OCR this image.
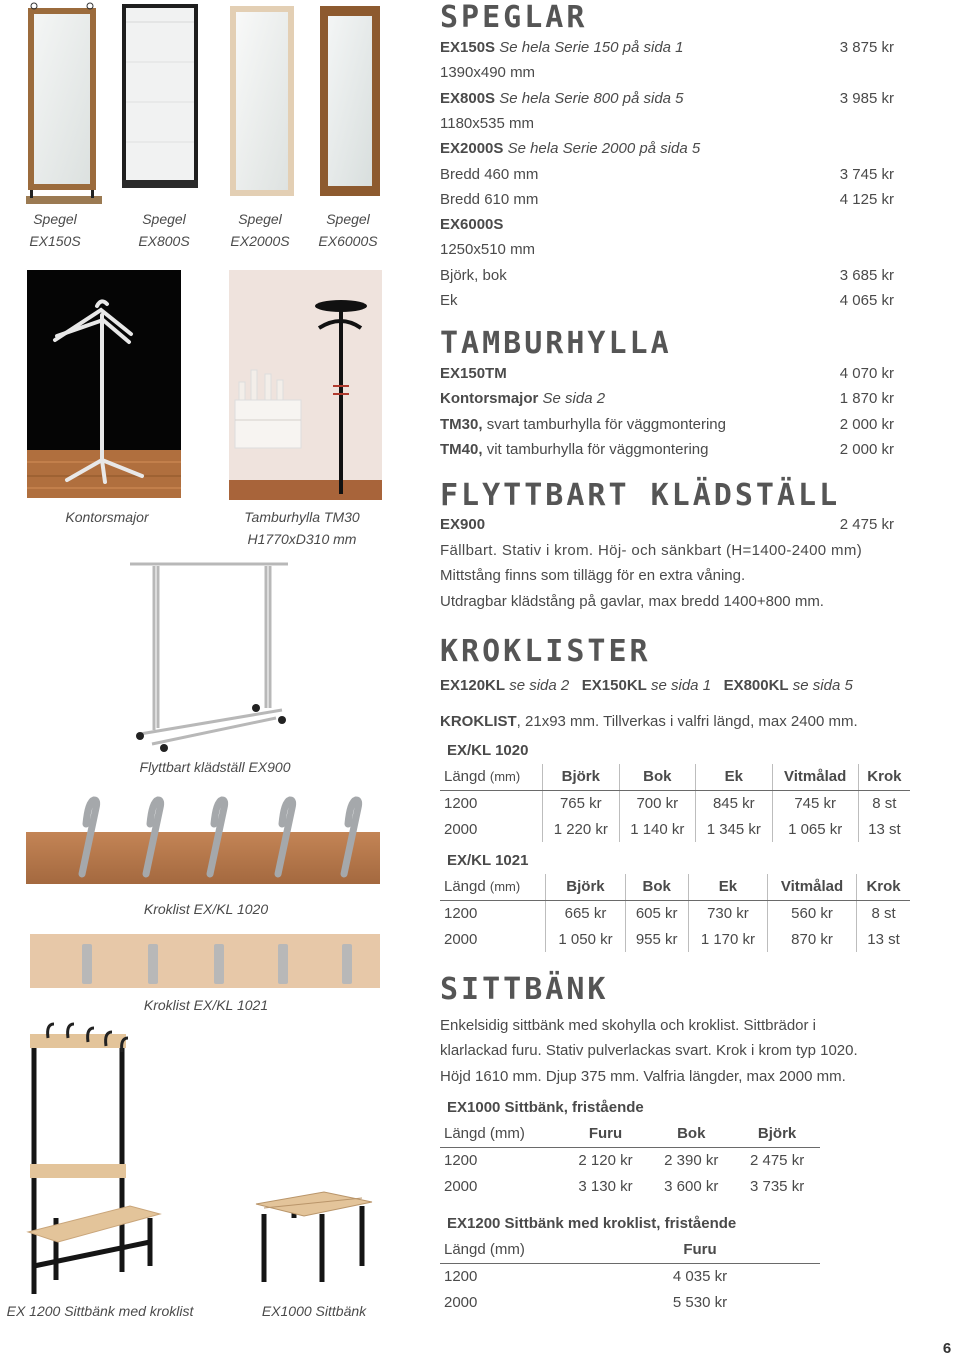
Spegel
EX150S
Spegel
EX800S
Spegel
EX2000S
Spegel
EX6000S
Kontorsmajor	Tamburhylla TM30
H1770xD310 mm
Flyttbart klädställ EX900
Kroklist EX/KL 1020
Kroklist EX/KL 1021
EX 1200 Sittbänk med kroklist	EX1000 Sittbänk
SPEGLAR
EX150S Se hela Serie 150 på sida 1	3 875 kr
1390x490 mm
EX800S Se hela Serie 800 på sida 5	3 985 kr
1180x535 mm
EX2000S Se hela Serie 2000 på sida 5
Bredd 460 mm	3 745 kr
Bredd 610 mm	4 125 kr
EX6000S
1250x510 mm
Björk, bok	3 685 kr
Ek	4 065 kr
TAMBURHYLLA
EX150TM	4 070 kr
Kontorsmajor Se sida 2	1 870 kr
TM30, svart tamburhylla för väggmontering	2 000 kr
TM40, vit tamburhylla för väggmontering	2 000 kr
FLYTTBART KLÄDSTÄLL
EX900	2 475 kr
Fällbart. Stativ i krom. Höj- och sänkbart (H=1400-2400 mm)
Mittstång finns som tillägg för en extra våning.
Utdragbar klädstång på gavlar, max bredd 1400+800 mm.
KROKLISTER
EX120KL se sida 2 EX150KL se sida 1 EX800KL se sida 5
KROKLIST, 21x93 mm. Tillverkas i valfri längd, max 2400 mm.
EX/KL 1020
Längd (mm)	Björk	Bok	Ek	Vitmålad	Krok
1200	765 kr	700 kr	845 kr	745 kr	8 st
2000	1 220 kr	1 140 kr	1 345 kr	1 065 kr	13 st
EX/KL 1021
Längd (mm)	Björk	Bok	Ek	Vitmålad	Krok
1200	665 kr	605 kr	730 kr	560 kr	8 st
2000	1 050 kr	955 kr	1 170 kr	870 kr	13 st
SITTBÄNK
Enkelsidig sittbänk med skohylla och kroklist. Sittbrädor i
klarlackad furu. Stativ pulverlackas svart. Krok i krom typ 1020.
Höjd 1610 mm. Djup 375 mm. Valfria längder, max 2000 mm.
EX1000 Sittbänk, fristående
Längd (mm)	Furu	Bok	Björk
1200	2 120 kr	2 390 kr	2 475 kr
2000	3 130 kr	3 600 kr	3 735 kr
EX1200 Sittbänk med kroklist, fristående
Längd (mm)	Furu
1200	4 035 kr
2000	5 530 kr
6
